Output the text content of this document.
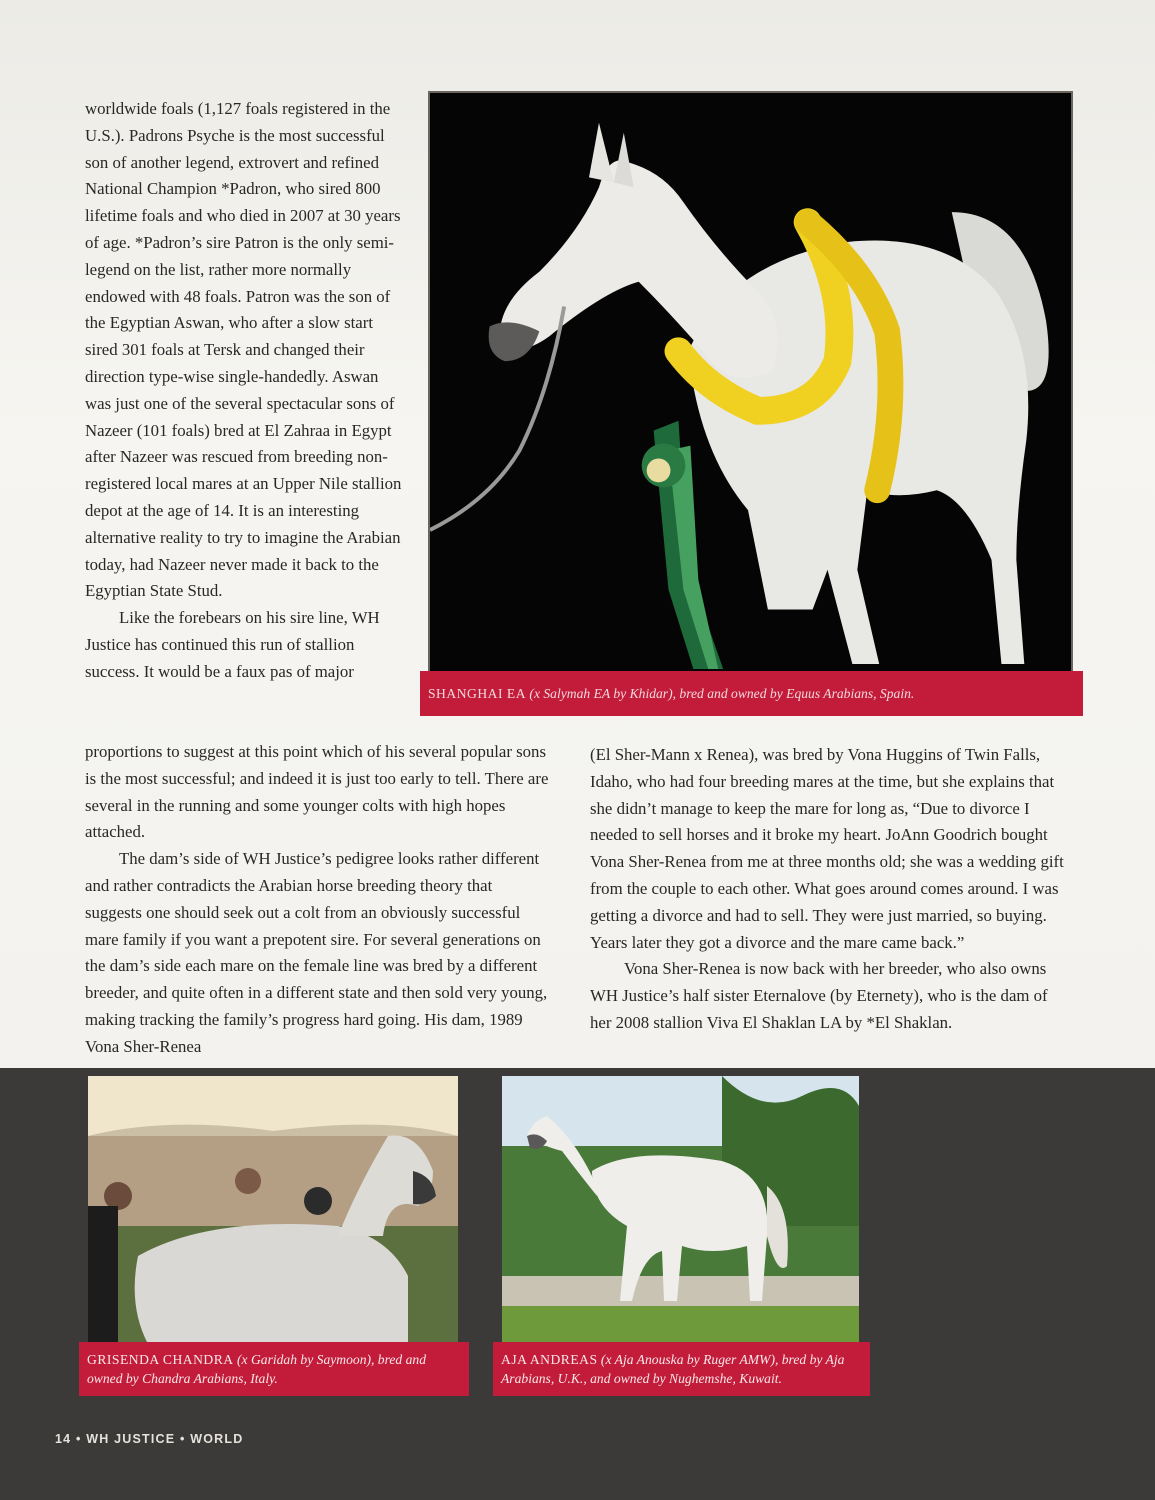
worldwide foals (1,127 foals registered in the U.S.). Padrons Psyche is the most successful son of another legend, extrovert and refined National Champion *Padron, who sired 800 lifetime foals and who died in 2007 at 30 years of age. *Padron’s sire Patron is the only semi-legend on the list, rather more normally endowed with 48 foals. Patron was the son of the Egyptian Aswan, who after a slow start sired 301 foals at Tersk and changed their direction type-wise single-handedly. Aswan was just one of the several spectacular sons of Nazeer (101 foals) bred at El Zahraa in Egypt after Nazeer was rescued from breeding non-registered local mares at an Upper Nile stallion depot at the age of 14. It is an interesting alternative reality to try to imagine the Arabian today, had Nazeer never made it back to the Egyptian State Stud.

Like the forebears on his sire line, WH Justice has continued this run of stallion success. It would be a faux pas of major

SHANGHAI EA (x Salymah EA by Khidar), bred and owned by Equus Arabians, Spain.

proportions to suggest at this point which of his several popular sons is the most successful; and indeed it is just too early to tell. There are several in the running and some younger colts with high hopes attached.

The dam’s side of WH Justice’s pedigree looks rather different and rather contradicts the Arabian horse breeding theory that suggests one should seek out a colt from an obviously successful mare family if you want a prepotent sire. For several generations on the dam’s side each mare on the female line was bred by a different breeder, and quite often in a different state and then sold very young, making tracking the family’s progress hard going. His dam, 1989 Vona Sher-Renea

(El Sher-Mann x Renea), was bred by Vona Huggins of Twin Falls, Idaho, who had four breeding mares at the time, but she explains that she didn’t manage to keep the mare for long as, “Due to divorce I needed to sell horses and it broke my heart. JoAnn Goodrich bought Vona Sher-Renea from me at three months old; she was a wedding gift from the couple to each other. What goes around comes around. I was getting a divorce and had to sell. They were just married, so buying. Years later they got a divorce and the mare came back.”

Vona Sher-Renea is now back with her breeder, who also owns WH Justice’s half sister Eternalove (by Eternety), who is the dam of her 2008 stallion Viva El Shaklan LA by *El Shaklan.

GRISENDA CHANDRA (x Garidah by Saymoon), bred and owned by Chandra Arabians, Italy.
AJA ANDREAS (x Aja Anouska by Ruger AMW), bred by Aja Arabians, U.K., and owned by Nughemshe, Kuwait.
14 • WH JUSTICE • WORLD
